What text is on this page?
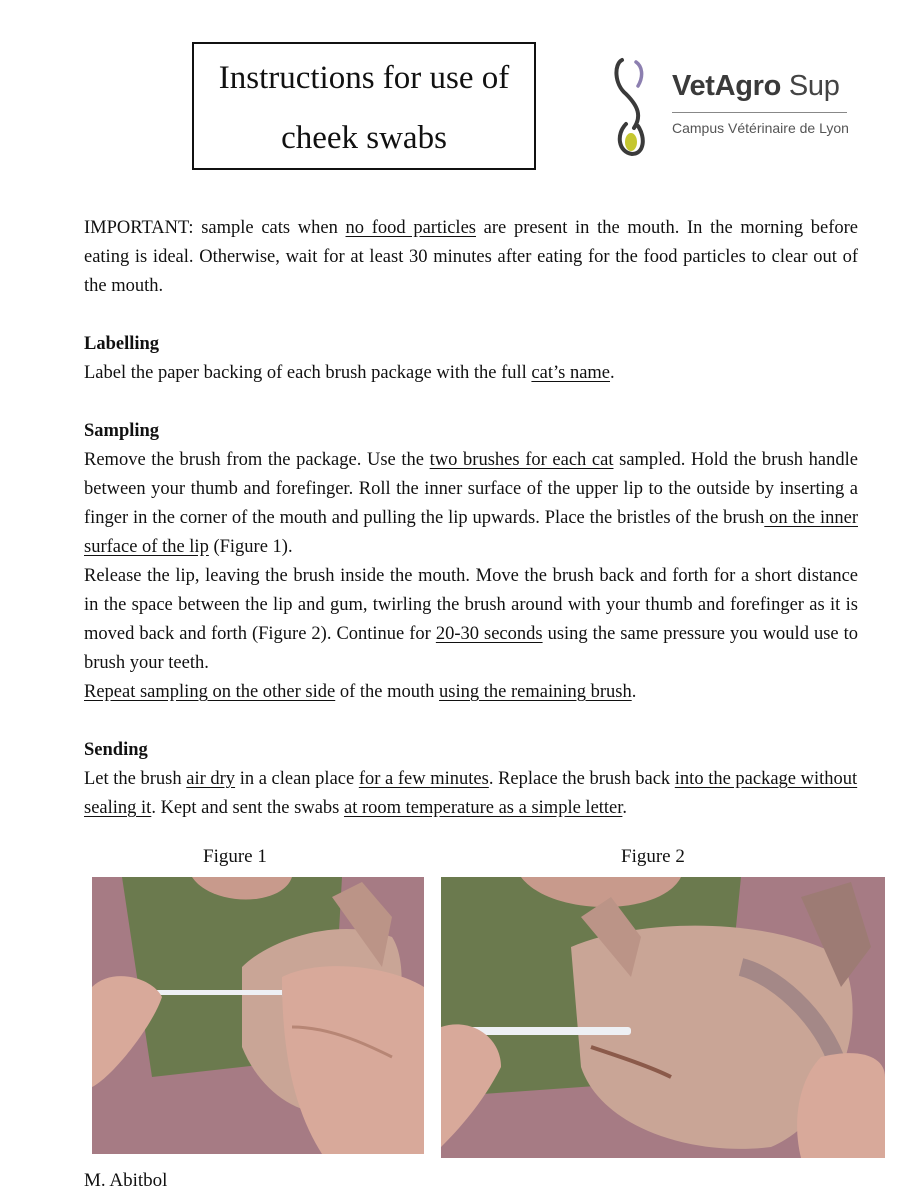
Instructions for use of
cheek swabs
VetAgro Sup
Campus Vétérinaire de Lyon

IMPORTANT: sample cats when no food particles are present in the mouth. In the morning before eating is ideal. Otherwise, wait for at least 30 minutes after eating for the food particles to clear out of the mouth.

Labelling

Label the paper backing of each brush package with the full cat’s name.

Sampling

Remove the brush from the package. Use the two brushes for each cat sampled. Hold the brush handle between your thumb and forefinger. Roll the inner surface of the upper lip to the outside by inserting a finger in the corner of the mouth and pulling the lip upwards. Place the bristles of the brush on the inner surface of the lip (Figure 1).

Release the lip, leaving the brush inside the mouth. Move the brush back and forth for a short distance in the space between the lip and gum, twirling the brush around with your thumb and forefinger as it is moved back and forth (Figure 2). Continue for 20-30 seconds using the same pressure you would use to brush your teeth.

Repeat sampling on the other side of the mouth using the remaining brush.

Sending

Let the brush air dry in a clean place for a few minutes. Replace the brush back into the package without sealing it. Kept and sent the swabs at room temperature as a simple letter.

Figure 1	Figure 2
M. Abitbol
